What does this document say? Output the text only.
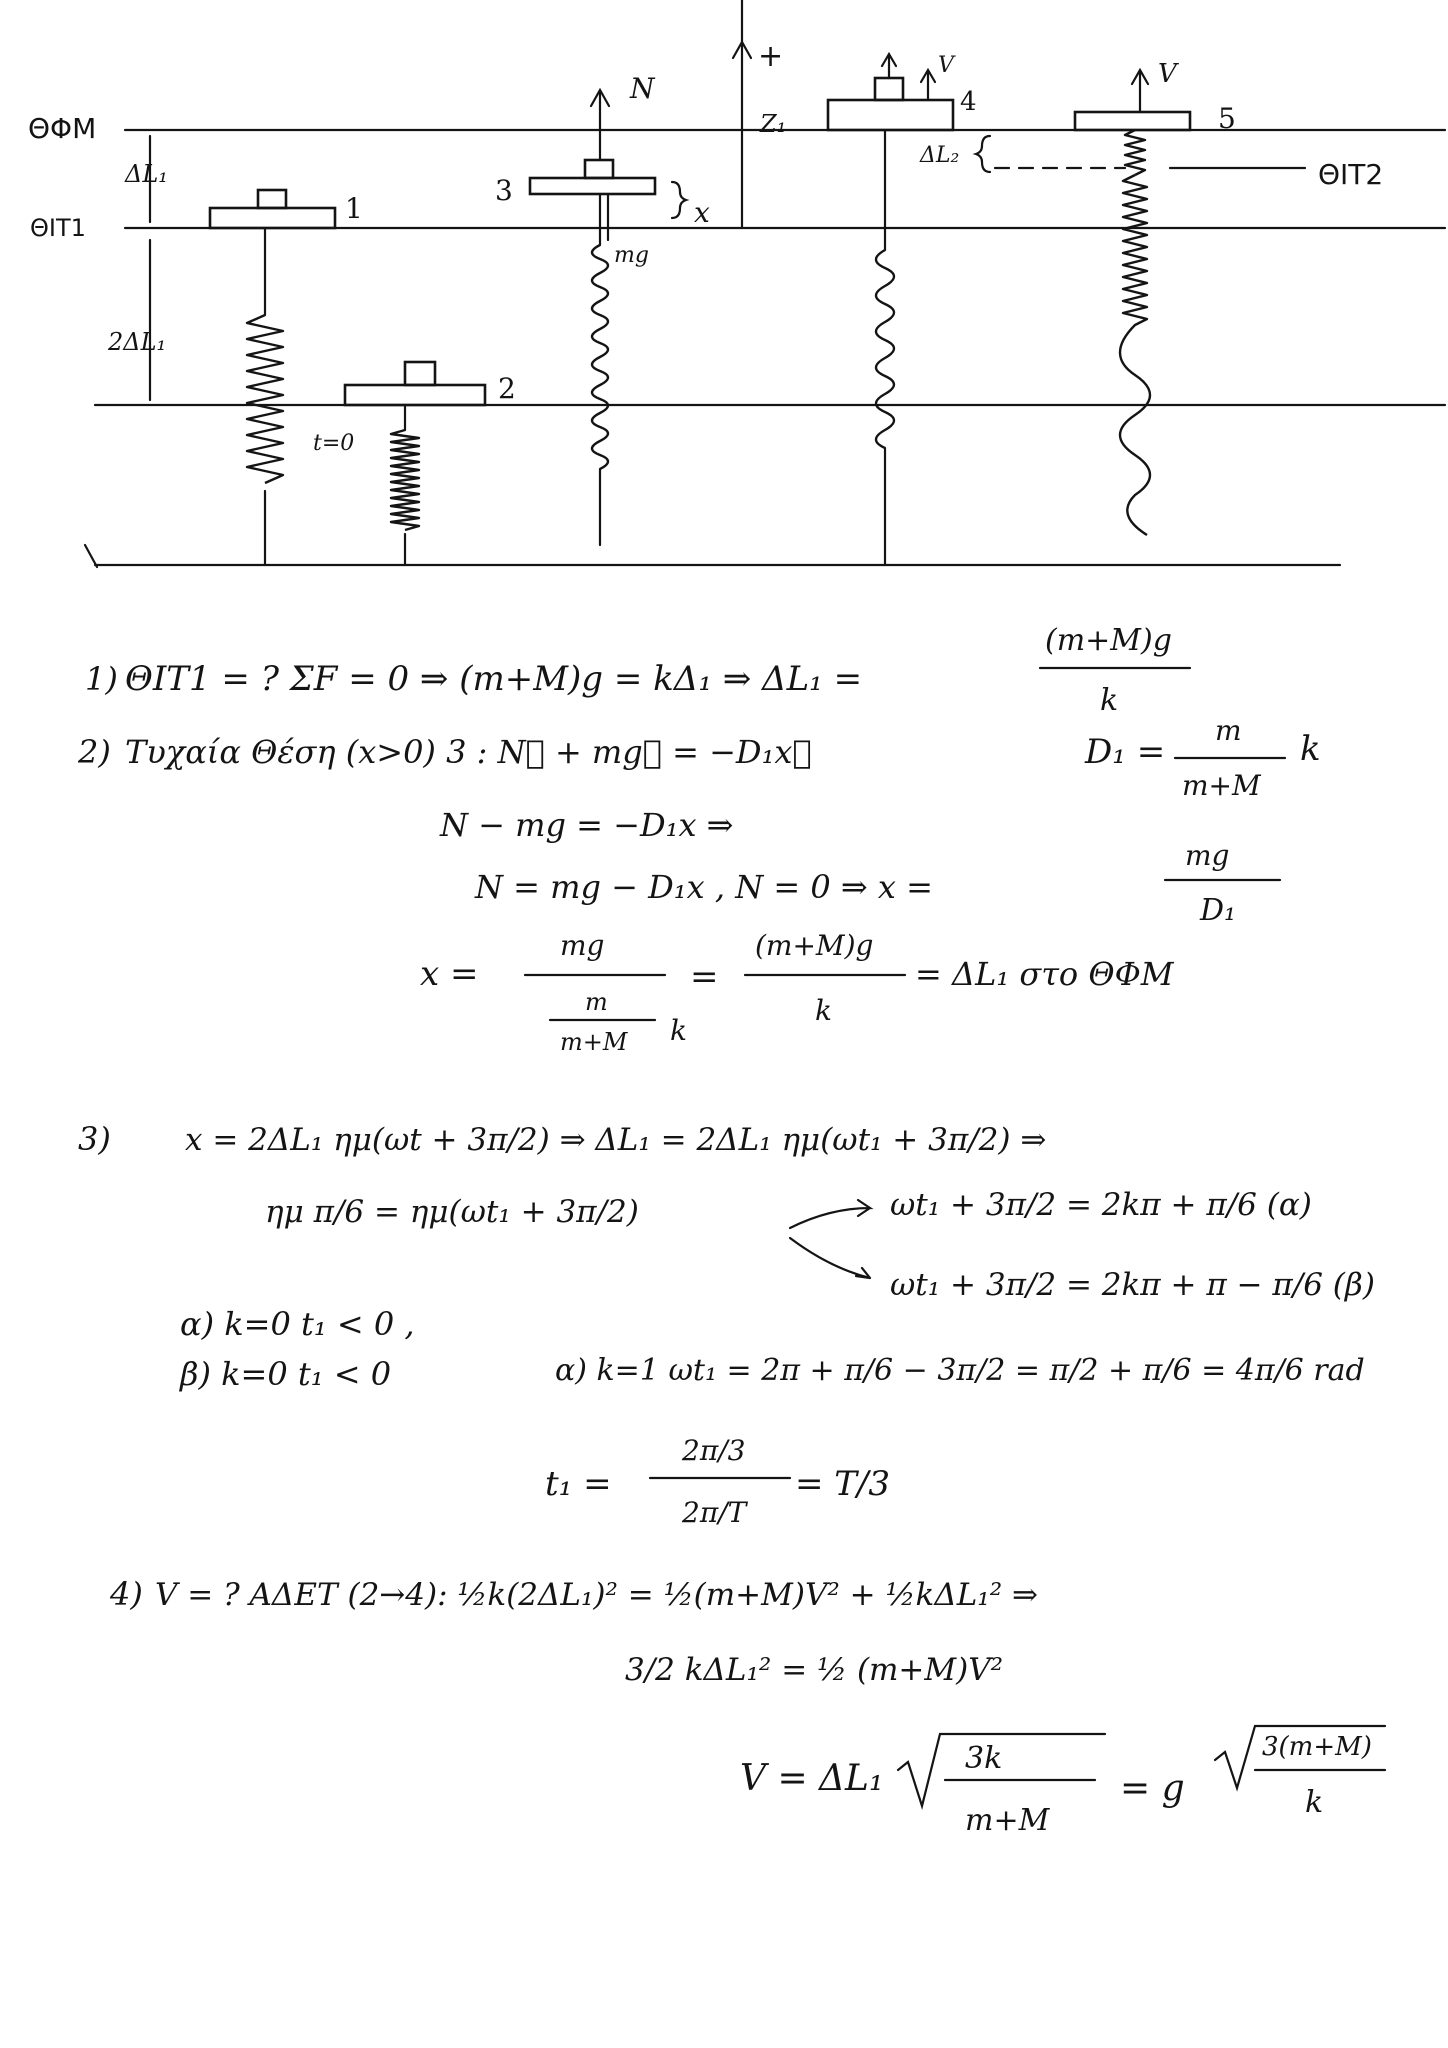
ΘΦΜ
ΘΙΤ1
ΘΙΤ2
ΔL₁
2ΔL₁
1
2
t=0
3
N
mg
x
4
Z₁
V
+
5
V
ΔL₂
1) ΘΙΤ1 = ? ΣF = 0 ⇒ (m+M)g = kΔ₁ ⇒ ΔL₁ =
(m+M)g
k
2) Τυχαία Θέση (x>0) 3 : N⃗ + mg⃗ = −D₁x⃗	D₁ =
m
m+M
k
N − mg = −D₁x ⇒
N = mg − D₁x , N = 0 ⇒ x =
mg
D₁
x =
mg
m
m+M k
=
(m+M)g
k
= ΔL₁ στο ΘΦΜ
3) x = 2ΔL₁ ημ(ωt + 3π/2) ⇒ ΔL₁ = 2ΔL₁ ημ(ωt₁ + 3π/2) ⇒
ημ π/6 = ημ(ωt₁ + 3π/2)	ωt₁ + 3π/2 = 2kπ + π/6 (α)
ωt₁ + 3π/2 = 2kπ + π − π/6 (β)
α) k=0 t₁ < 0 ,
β) k=0 t₁ < 0	α) k=1 ωt₁ = 2π + π/6 − 3π/2 = π/2 + π/6 = 4π/6 rad
t₁ =
2π/3
2π/T
= T/3
4) V = ? ΑΔΕΤ (2→4): ½k(2ΔL₁)² = ½(m+M)V² + ½kΔL₁² ⇒
3/2 kΔL₁² = ½ (m+M)V²
V = ΔL₁	3k
m+M
= g
3(m+M)
k
